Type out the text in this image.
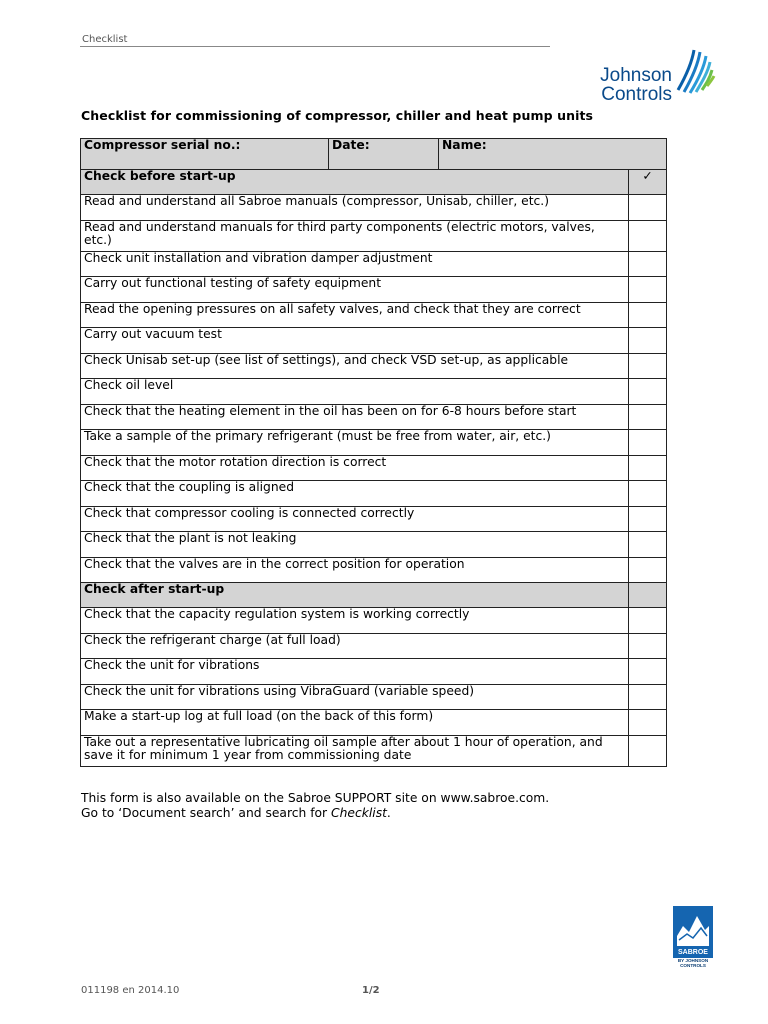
Checklist
Johnson
Controls
Checklist for commissioning of compressor, chiller and heat pump units
Compressor serial no.:	Date:	Name:	
Check before start-up			✓
Read and understand all Sabroe manuals (compressor, Unisab, chiller, etc.)			
Read and understand manuals for third party components (electric motors, valves, etc.)			
Check unit installation and vibration damper adjustment			
Carry out functional testing of safety equipment			
Read the opening pressures on all safety valves, and check that they are correct			
Carry out vacuum test			
Check Unisab set-up (see list of settings), and check VSD set-up, as applicable			
Check oil level			
Check that the heating element in the oil has been on for 6-8 hours before start			
Take a sample of the primary refrigerant (must be free from water, air, etc.)			
Check that the motor rotation direction is correct			
Check that the coupling is aligned			
Check that compressor cooling is connected correctly			
Check that the plant is not leaking			
Check that the valves are in the correct position for operation			
Check after start-up			
Check that the capacity regulation system is working correctly			
Check the refrigerant charge (at full load)			
Check the unit for vibrations			
Check the unit for vibrations using VibraGuard (variable speed)			
Make a start-up log at full load (on the back of this form)			
Take out a representative lubricating oil sample after about 1 hour of operation, and save it for minimum 1 year from commissioning date			
This form is also available on the Sabroe SUPPORT site on www.sabroe.com.
Go to ‘Document search’ and search for Checklist.
SABROE
BY JOHNSON
CONTROLS
011198 en 2014.10	1/2
